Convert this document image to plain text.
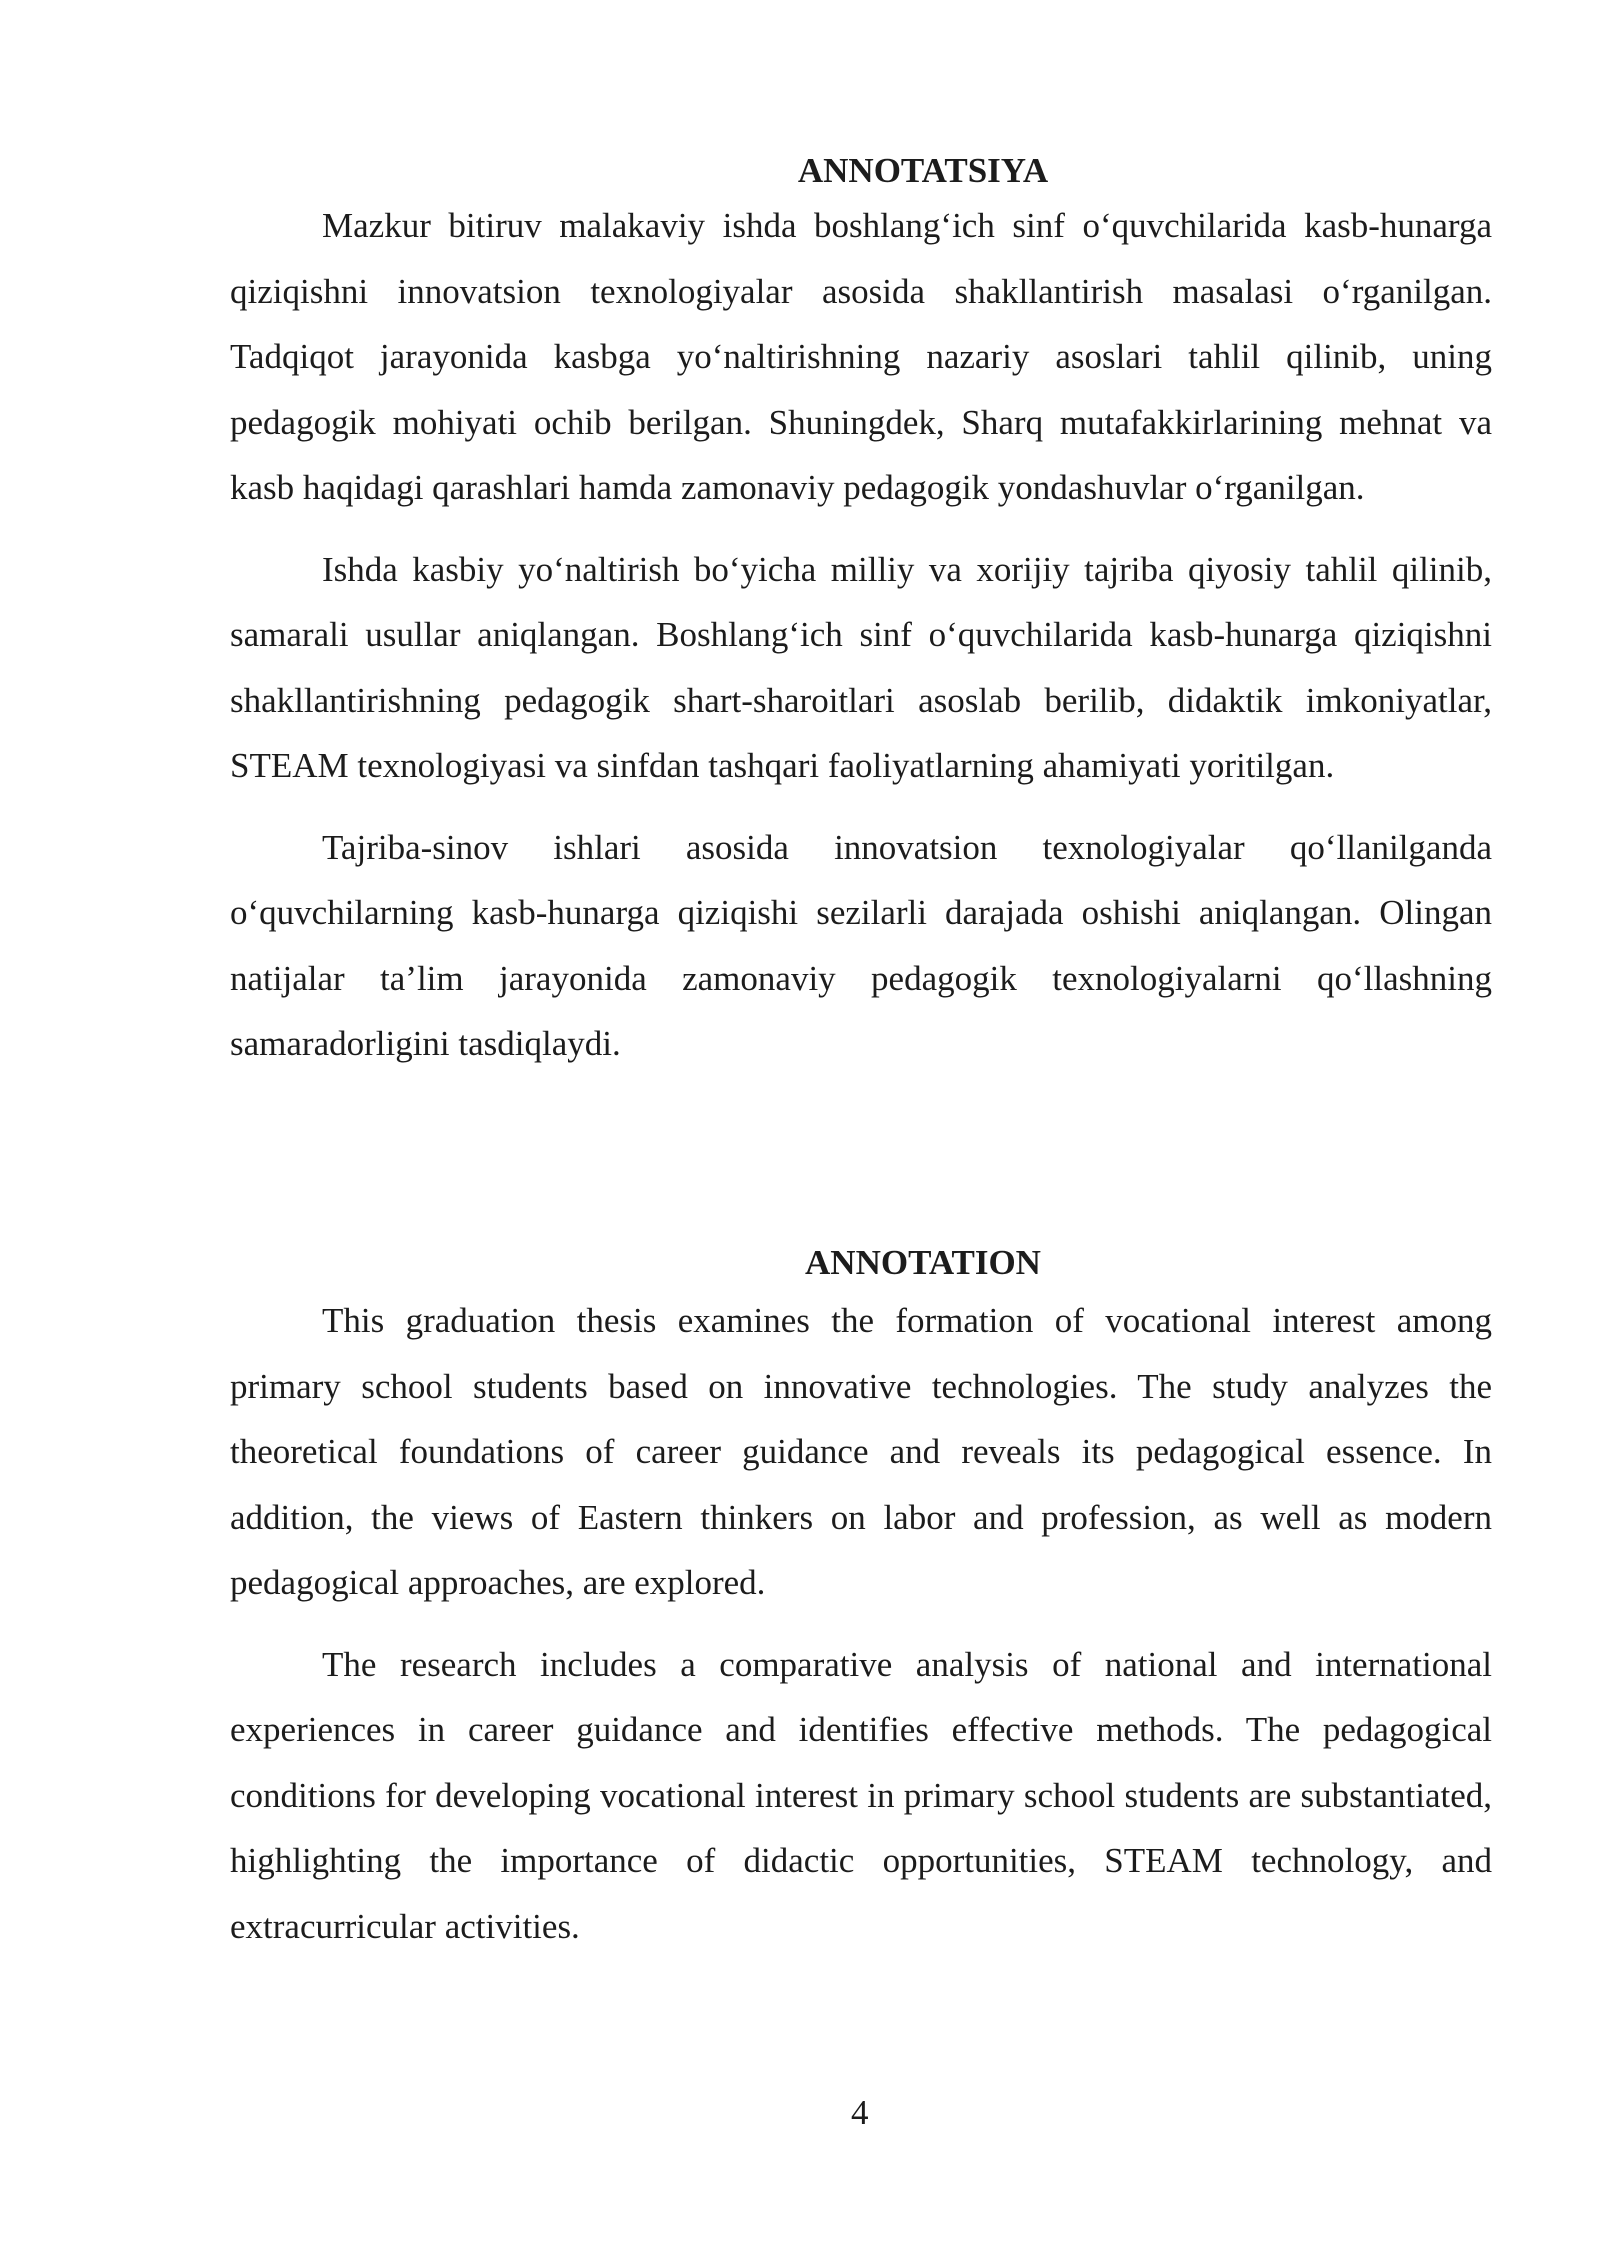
ANNOTATSIYA

Mazkur bitiruv malakaviy ishda boshlang‘ich sinf o‘quvchilarida kasb-hunarga qiziqishni innovatsion texnologiyalar asosida shakllantirish masalasi o‘rganilgan. Tadqiqot jarayonida kasbga yo‘naltirishning nazariy asoslari tahlil qilinib, uning pedagogik mohiyati ochib berilgan. Shuningdek, Sharq mutafakkirlarining mehnat va kasb haqidagi qarashlari hamda zamonaviy pedagogik yondashuvlar o‘rganilgan.

Ishda kasbiy yo‘naltirish bo‘yicha milliy va xorijiy tajriba qiyosiy tahlil qilinib, samarali usullar aniqlangan. Boshlang‘ich sinf o‘quvchilarida kasb-hunarga qiziqishni shakllantirishning pedagogik shart-sharoitlari asoslab berilib, didaktik imkoniyatlar, STEAM texnologiyasi va sinfdan tashqari faoliyatlarning ahamiyati yoritilgan.

Tajriba-sinov ishlari asosida innovatsion texnologiyalar qo‘llanilganda o‘quvchilarning kasb-hunarga qiziqishi sezilarli darajada oshishi aniqlangan. Olingan natijalar ta’lim jarayonida zamonaviy pedagogik texnologiyalarni qo‘llashning samaradorligini tasdiqlaydi.

ANNOTATION

This graduation thesis examines the formation of vocational interest among primary school students based on innovative technologies. The study analyzes the theoretical foundations of career guidance and reveals its pedagogical essence. In addition, the views of Eastern thinkers on labor and profession, as well as modern pedagogical approaches, are explored.

The research includes a comparative analysis of national and international experiences in career guidance and identifies effective methods. The pedagogical conditions for developing vocational interest in primary school students are substantiated, highlighting the importance of didactic opportunities, STEAM technology, and extracurricular activities.

4
